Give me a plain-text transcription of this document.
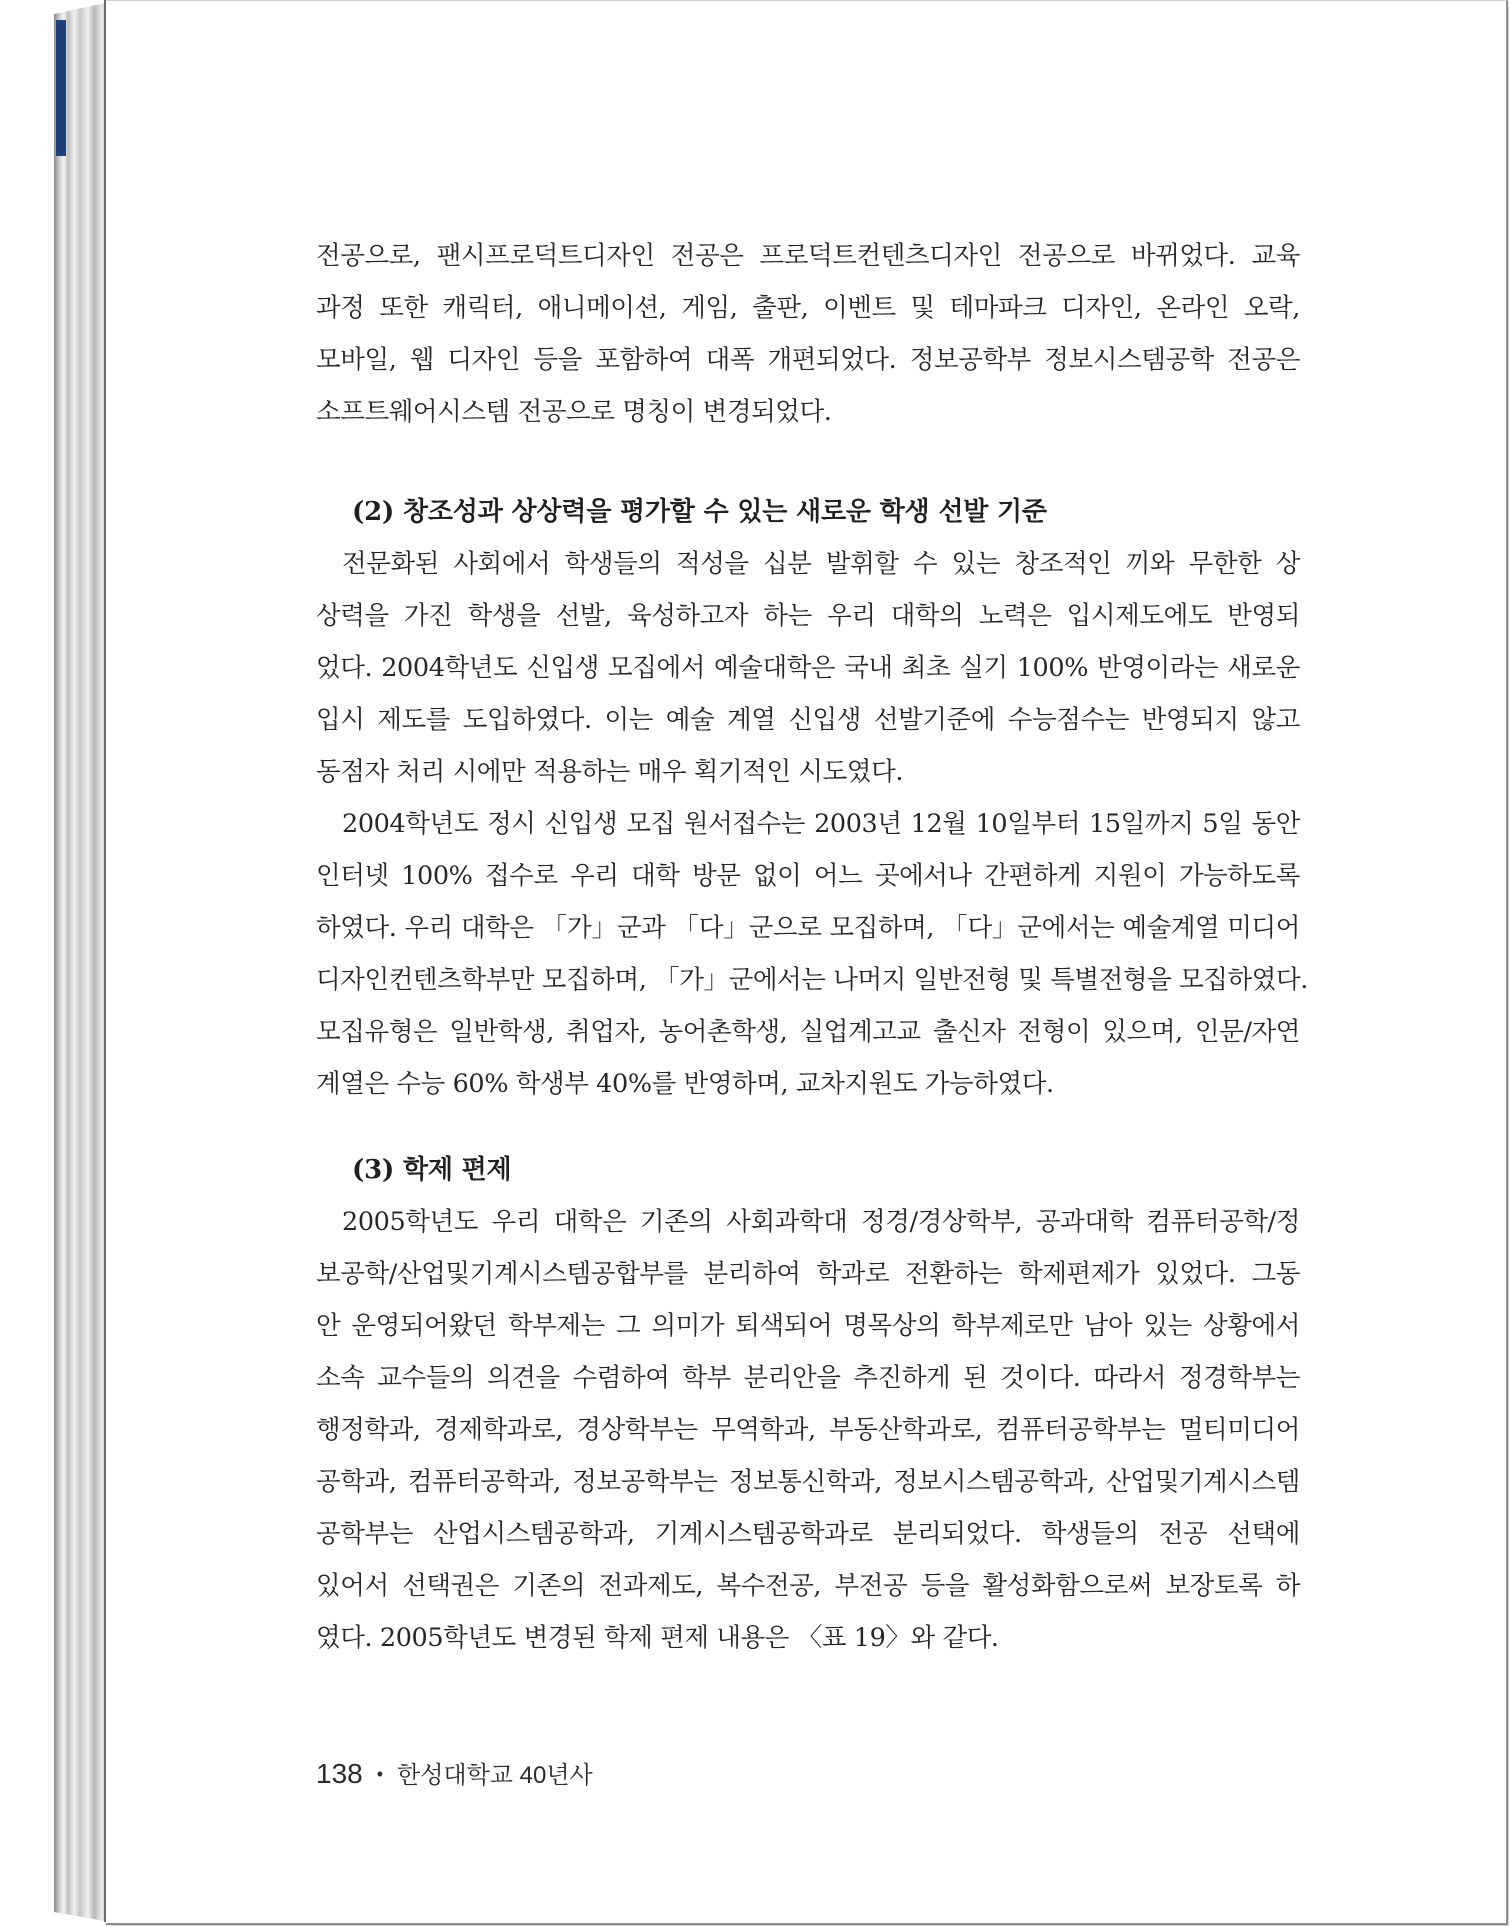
전공으로, 팬시프로덕트디자인 전공은 프로덕트컨텐츠디자인 전공으로 바뀌었다. 교육
과정 또한 캐릭터, 애니메이션, 게임, 출판, 이벤트 및 테마파크 디자인, 온라인 오락,
모바일, 웹 디자인 등을 포함하여 대폭 개편되었다. 정보공학부 정보시스템공학 전공은
소프트웨어시스템 전공으로 명칭이 변경되었다.
(2) 창조성과 상상력을 평가할 수 있는 새로운 학생 선발 기준
전문화된 사회에서 학생들의 적성을 십분 발휘할 수 있는 창조적인 끼와 무한한 상
상력을 가진 학생을 선발, 육성하고자 하는 우리 대학의 노력은 입시제도에도 반영되
었다. 2004학년도 신입생 모집에서 예술대학은 국내 최초 실기 100% 반영이라는 새로운
입시 제도를 도입하였다. 이는 예술 계열 신입생 선발기준에 수능점수는 반영되지 않고
동점자 처리 시에만 적용하는 매우 획기적인 시도였다.
2004학년도 정시 신입생 모집 원서접수는 2003년 12월 10일부터 15일까지 5일 동안
인터넷 100% 접수로 우리 대학 방문 없이 어느 곳에서나 간편하게 지원이 가능하도록
하였다. 우리 대학은 「가」군과 「다」군으로 모집하며, 「다」군에서는 예술계열 미디어
디자인컨텐츠학부만 모집하며, 「가」군에서는 나머지 일반전형 및 특별전형을 모집하였다.
모집유형은 일반학생, 취업자, 농어촌학생, 실업계고교 출신자 전형이 있으며, 인문/자연
계열은 수능 60% 학생부 40%를 반영하며, 교차지원도 가능하였다.
(3) 학제 편제
2005학년도 우리 대학은 기존의 사회과학대 정경/경상학부, 공과대학 컴퓨터공학/정
보공학/산업및기계시스템공합부를 분리하여 학과로 전환하는 학제편제가 있었다. 그동
안 운영되어왔던 학부제는 그 의미가 퇴색되어 명목상의 학부제로만 남아 있는 상황에서
소속 교수들의 의견을 수렴하여 학부 분리안을 추진하게 된 것이다. 따라서 정경학부는
행정학과, 경제학과로, 경상학부는 무역학과, 부동산학과로, 컴퓨터공학부는 멀티미디어
공학과, 컴퓨터공학과, 정보공학부는 정보통신학과, 정보시스템공학과, 산업및기계시스템
공학부는 산업시스템공학과, 기계시스템공학과로 분리되었다. 학생들의 전공 선택에
있어서 선택권은 기존의 전과제도, 복수전공, 부전공 등을 활성화함으로써 보장토록 하
였다. 2005학년도 변경된 학제 편제 내용은 〈표 19〉와 같다.
138 • 한성대학교 40년사
